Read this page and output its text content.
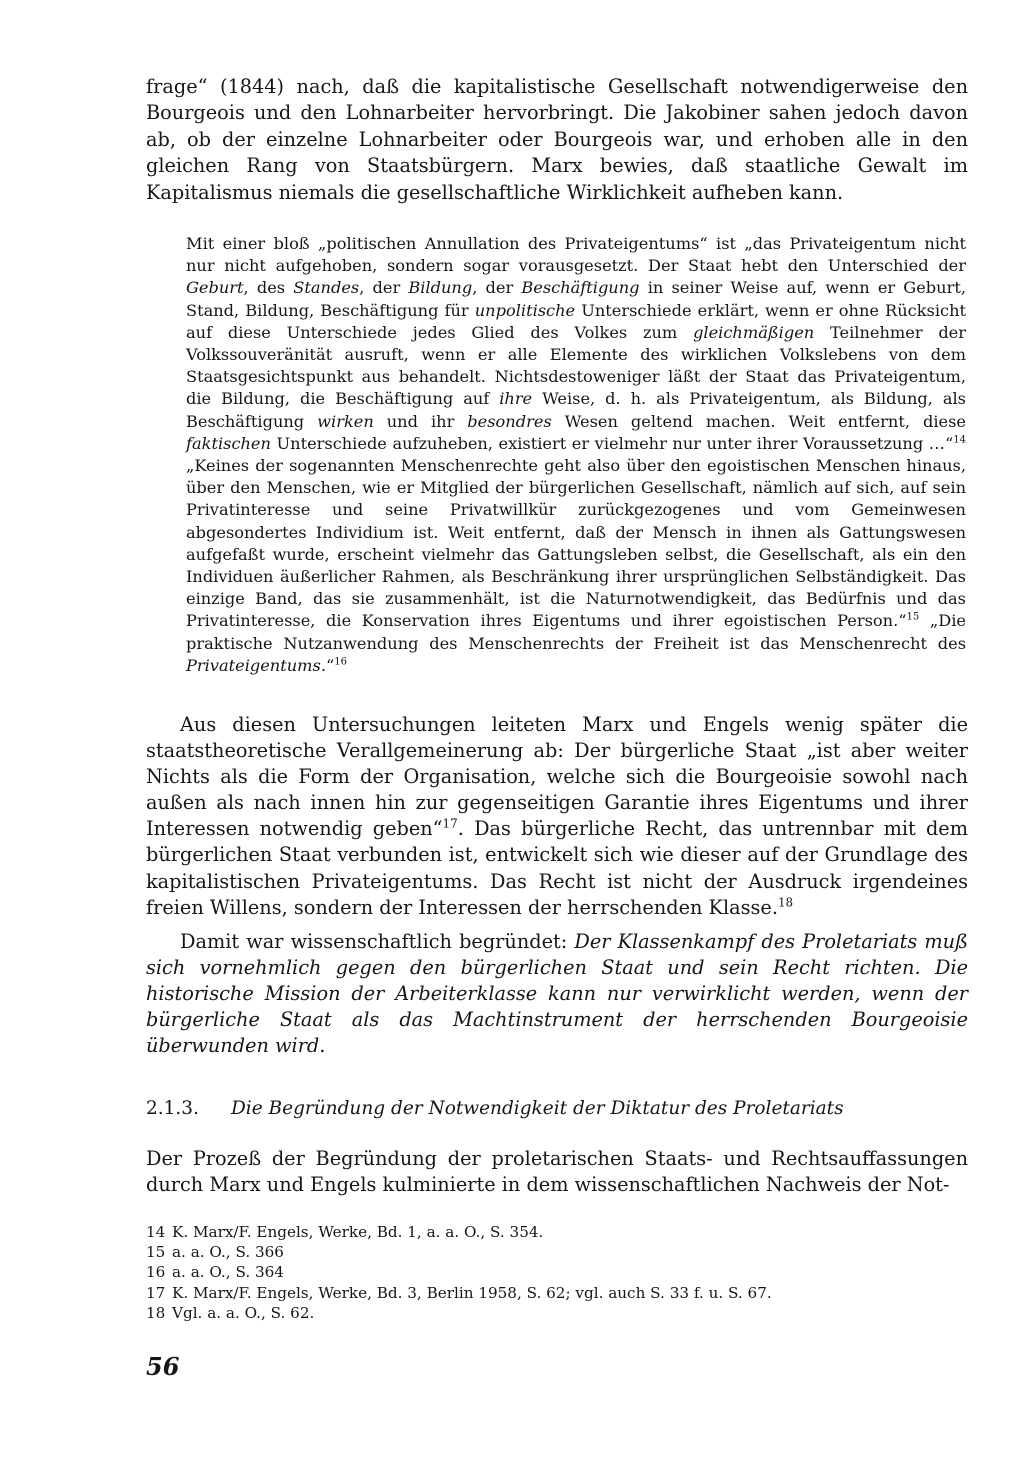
frage“ (1844) nach, daß die kapitalistische Gesellschaft notwendigerweise den Bourgeois und den Lohnarbeiter hervorbringt. Die Jakobiner sahen jedoch davon ab, ob der einzelne Lohnarbeiter oder Bourgeois war, und erhoben alle in den gleichen Rang von Staatsbürgern. Marx bewies, daß staatliche Gewalt im Kapitalismus niemals die gesellschaftliche Wirklichkeit aufheben kann.

Mit einer bloß „politischen Annullation des Privateigentums“ ist „das Privateigentum nicht nur nicht aufgehoben, sondern sogar vorausgesetzt. Der Staat hebt den Unterschied der Geburt, des Standes, der Bildung, der Beschäftigung in seiner Weise auf, wenn er Geburt, Stand, Bildung, Beschäftigung für unpolitische Unterschiede erklärt, wenn er ohne Rücksicht auf diese Unterschiede jedes Glied des Volkes zum gleichmäßigen Teilnehmer der Volkssouveränität ausruft, wenn er alle Elemente des wirklichen Volkslebens von dem Staatsgesichtspunkt aus behandelt. Nichtsdestoweniger läßt der Staat das Privateigentum, die Bildung, die Beschäftigung auf ihre Weise, d. h. als Privateigentum, als Bildung, als Beschäftigung wirken und ihr besondres Wesen geltend machen. Weit entfernt, diese faktischen Unterschiede aufzuheben, existiert er vielmehr nur unter ihrer Voraussetzung …“$^{14}$ „Keines der sogenannten Menschenrechte geht also über den egoistischen Menschen hinaus, über den Menschen, wie er Mitglied der bürgerlichen Gesellschaft, nämlich auf sich, auf sein Privatinteresse und seine Privatwillkür zurückgezogenes und vom Gemeinwesen abgesondertes Individium ist. Weit entfernt, daß der Mensch in ihnen als Gattungswesen aufgefaßt wurde, erscheint vielmehr das Gattungsleben selbst, die Gesellschaft, als ein den Individuen äußerlicher Rahmen, als Beschränkung ihrer ursprünglichen Selbständigkeit. Das einzige Band, das sie zusammenhält, ist die Naturnotwendigkeit, das Bedürfnis und das Privatinteresse, die Konservation ihres Eigentums und ihrer egoistischen Person.“$^{15}$ „Die praktische Nutzanwendung des Menschenrechts der Freiheit ist das Menschenrecht des Privateigentums.“$^{16}$

Aus diesen Untersuchungen leiteten Marx und Engels wenig später die staatstheoretische Verallgemeinerung ab: Der bürgerliche Staat „ist aber weiter Nichts als die Form der Organisation, welche sich die Bourgeoisie sowohl nach außen als nach innen hin zur gegenseitigen Garantie ihres Eigentums und ihrer Interessen notwendig geben“$^{17}$. Das bürgerliche Recht, das untrennbar mit dem bürgerlichen Staat verbunden ist, entwickelt sich wie dieser auf der Grundlage des kapitalistischen Privateigentums. Das Recht ist nicht der Ausdruck irgendeines freien Willens, sondern der Interessen der herrschenden Klasse.$^{18}$

Damit war wissenschaftlich begründet: Der Klassenkampf des Proletariats muß sich vornehmlich gegen den bürgerlichen Staat und sein Recht richten. Die historische Mission der Arbeiterklasse kann nur verwirklicht werden, wenn der bürgerliche Staat als das Machtinstrument der herrschenden Bourgeoisie überwunden wird.

2.1.3. Die Begründung der Notwendigkeit der Diktatur des Proletariats

Der Prozeß der Begründung der proletarischen Staats- und Rechtsauffassungen durch Marx und Engels kulminierte in dem wissenschaftlichen Nachweis der Not-

14 K. Marx/F. Engels, Werke, Bd. 1, a. a. O., S. 354.
15 a. a. O., S. 366
16 a. a. O., S. 364
17 K. Marx/F. Engels, Werke, Bd. 3, Berlin 1958, S. 62; vgl. auch S. 33 f. u. S. 67.
18 Vgl. a. a. O., S. 62.
56
